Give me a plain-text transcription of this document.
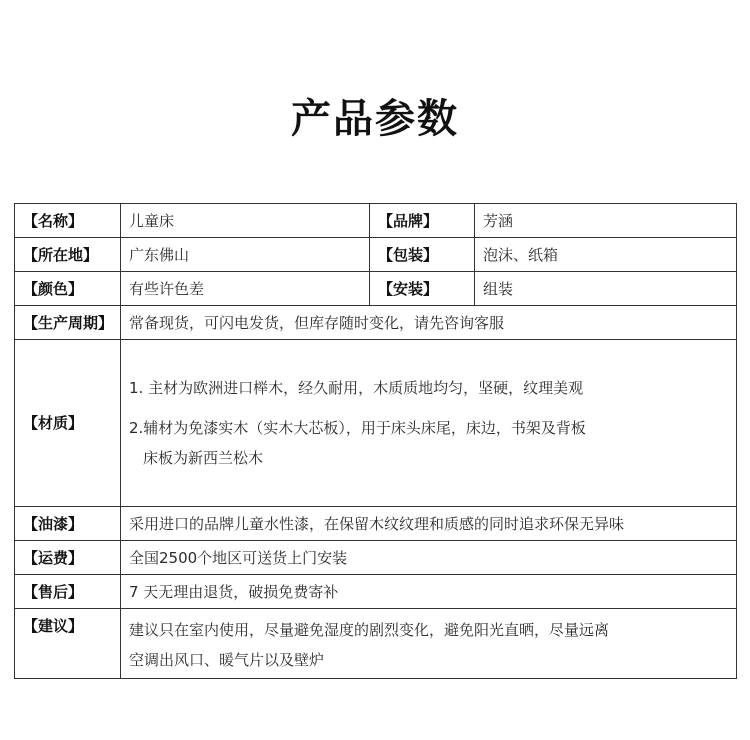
产品参数
【名称】	儿童床	【品牌】	芳涵
【所在地】	广东佛山	【包装】	泡沫、纸箱
【颜色】	有些许色差	【安装】	组装
【生产周期】	常备现货，可闪电发货，但库存随时变化，请先咨询客服		
【材质】	1. 主材为欧洲进口榉木，经久耐用，木质质地均匀，坚硬，纹理美观

2.辅材为免漆实木（实木大芯板），用于床头床尾，床边，书架及背板

床板为新西兰松木		

【油漆】	采用进口的品牌儿童水性漆，在保留木纹纹理和质感的同时追求环保无异味		
【运费】	全国2500个地区可送货上门安装		
【售后】	7 天无理由退货，破损免费寄补		
【建议】	建议只在室内使用，尽量避免湿度的剧烈变化，避免阳光直晒，尽量远离
空调出风口、暖气片以及壁炉		
